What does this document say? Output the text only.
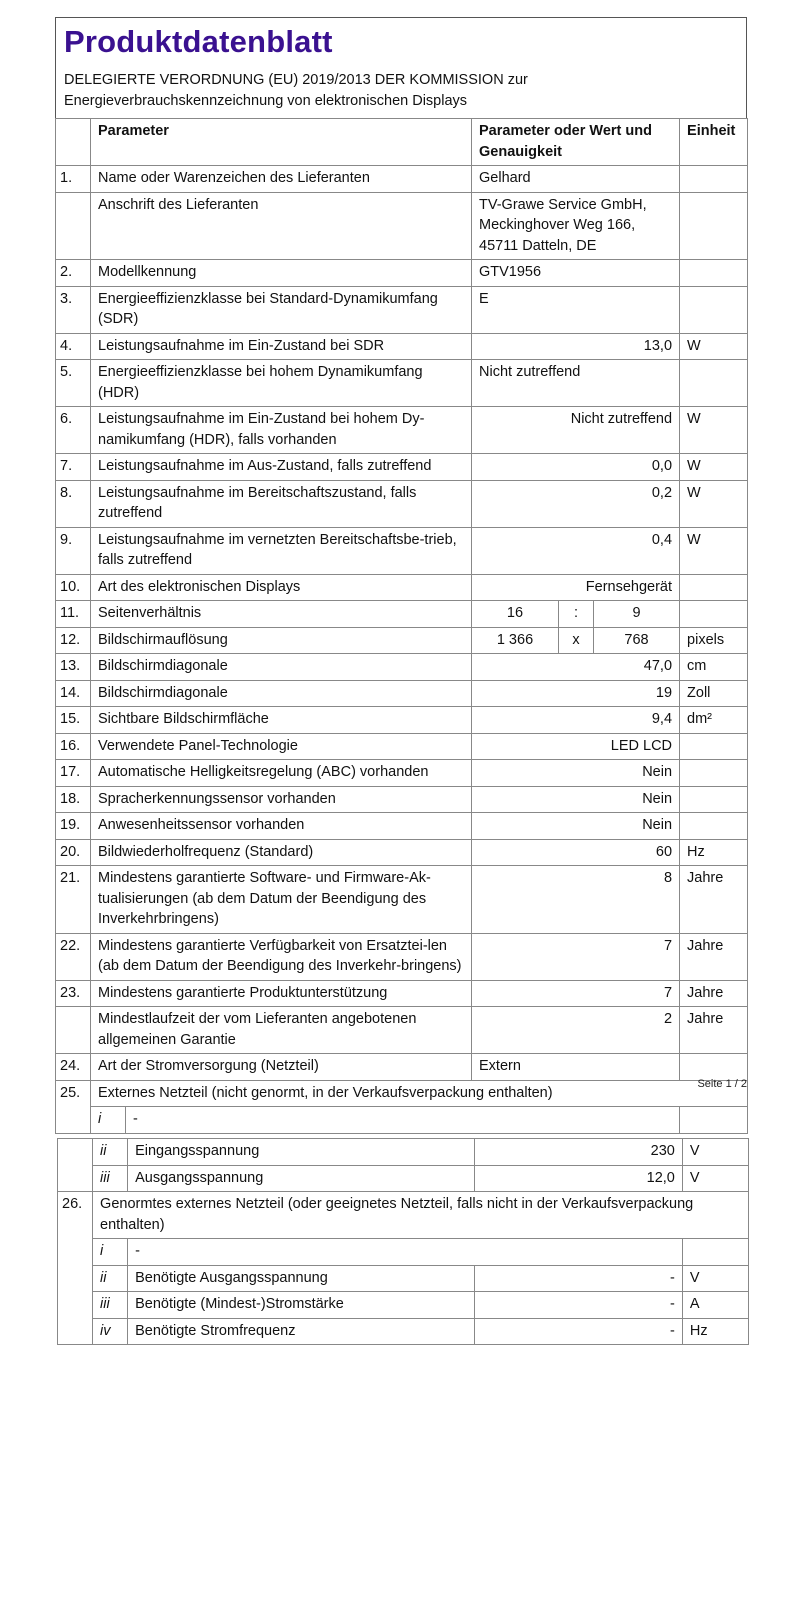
Produktdatenblatt
DELEGIERTE VERORDNUNG (EU) 2019/2013 DER KOMMISSION zur
Energieverbrauchskennzeichnung von elektronischen Displays
	Parameter		Parameter oder Wert und Genauigkeit			Einheit
1.	Name oder Warenzeichen des Lieferanten		Gelhard			
	Anschrift des Lieferanten		TV-Grawe Service GmbH, Meckinghover Weg 166, 45711 Datteln, DE			
2.	Modellkennung		GTV1956			
3.	Energieeffizienzklasse bei Standard-Dynamikumfang (SDR)		E			
4.	Leistungsaufnahme im Ein-Zustand bei SDR		13,0			W
5.	Energieeffizienzklasse bei hohem Dynamikumfang (HDR)		Nicht zutreffend			
6.	Leistungsaufnahme im Ein-Zustand bei hohem Dy-namikumfang (HDR), falls vorhanden		Nicht zutreffend			W
7.	Leistungsaufnahme im Aus-Zustand, falls zutreffend		0,0			W
8.	Leistungsaufnahme im Bereitschaftszustand, falls zutreffend		0,2			W
9.	Leistungsaufnahme im vernetzten Bereitschaftsbe-trieb, falls zutreffend		0,4			W
10.	Art des elektronischen Displays		Fernsehgerät			
11.	Seitenverhältnis		16	:	9	
12.	Bildschirmauflösung		1 366	x	768	pixels
13.	Bildschirmdiagonale		47,0			cm
14.	Bildschirmdiagonale		19			Zoll
15.	Sichtbare Bildschirmfläche		9,4			dm²
16.	Verwendete Panel-Technologie		LED LCD			
17.	Automatische Helligkeitsregelung (ABC) vorhanden		Nein			
18.	Spracherkennungssensor vorhanden		Nein			
19.	Anwesenheitssensor vorhanden		Nein			
20.	Bildwiederholfrequenz (Standard)		60			Hz
21.	Mindestens garantierte Software- und Firmware-Ak-tualisierungen (ab dem Datum der Beendigung des Inverkehrbringens)		8			Jahre
22.	Mindestens garantierte Verfügbarkeit von Ersatztei-len (ab dem Datum der Beendigung des Inverkehr-bringens)		7			Jahre
23.	Mindestens garantierte Produktunterstützung		7			Jahre
	Mindestlaufzeit der vom Lieferanten angebotenen allgemeinen Garantie		2			Jahre
24.	Art der Stromversorgung (Netzteil)		Extern			
25.	Externes Netzteil (nicht genormt, in der Verkaufsverpackung enthalten)					
	i	-				
Seite 1 / 2
	ii	Eingangsspannung	230	V
	iii	Ausgangsspannung	12,0	V
26.	Genormtes externes Netzteil (oder geeignetes Netzteil, falls nicht in der Verkaufsverpackung enthalten)			
	i	-		
	ii	Benötigte Ausgangsspannung	-	V
	iii	Benötigte (Mindest-)Stromstärke	-	A
	iv	Benötigte Stromfrequenz	-	Hz
